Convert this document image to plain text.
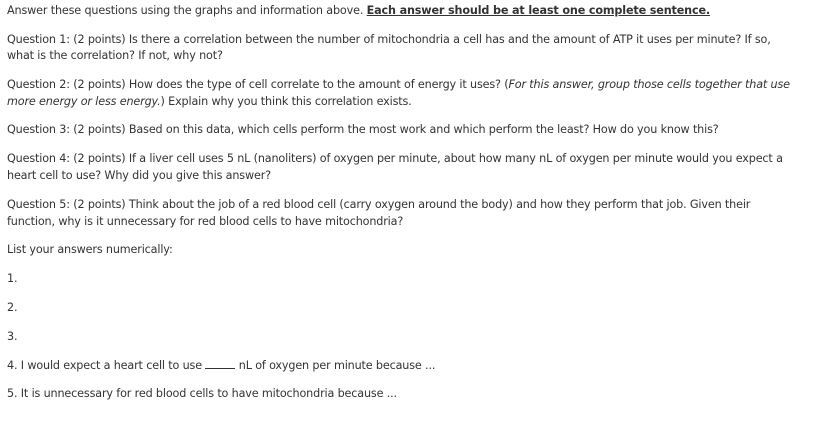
Answer these questions using the graphs and information above. Each answer should be at least one complete sentence.
Question 1: (2 points) Is there a correlation between the number of mitochondria a cell has and the amount of ATP it uses per minute? If so,
what is the correlation? If not, why not?
Question 2: (2 points) How does the type of cell correlate to the amount of energy it uses? (For this answer, group those cells together that use
more energy or less energy.) Explain why you think this correlation exists.
Question 3: (2 points) Based on this data, which cells perform the most work and which perform the least? How do you know this?
Question 4: (2 points) If a liver cell uses 5 nL (nanoliters) of oxygen per minute, about how many nL of oxygen per minute would you expect a
heart cell to use? Why did you give this answer?
Question 5: (2 points) Think about the job of a red blood cell (carry oxygen around the body) and how they perform that job. Given their
function, why is it unnecessary for red blood cells to have mitochondria?
List your answers numerically:
1.
2.
3.
4. I would expect a heart cell to use	nL of oxygen per minute because ...
5. It is unnecessary for red blood cells to have mitochondria because ...
